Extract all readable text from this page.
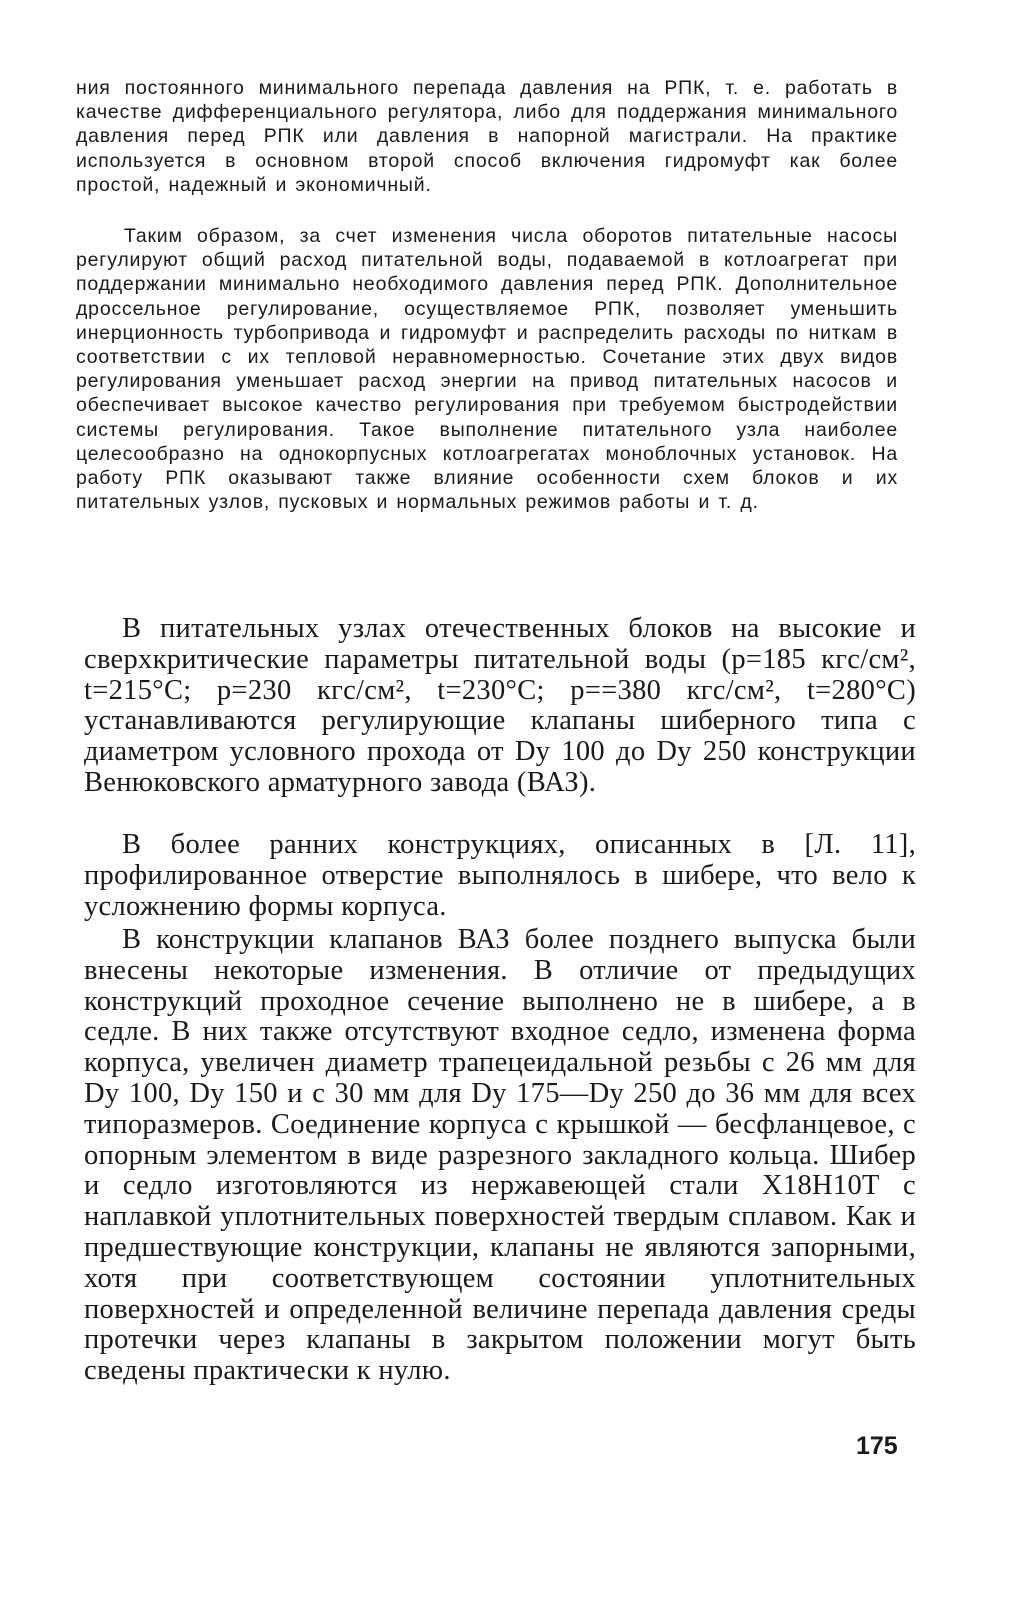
ния постоянного минимального перепада давления на РПК, т. е. работать в качестве дифференциального регулятора, либо для поддержания минимального давления перед РПК или давления в напорной магистрали. На практике используется в основном второй способ включения гидромуфт как более простой, надежный и экономичный.

Таким образом, за счет изменения числа оборотов питательные насосы регулируют общий расход питательной воды, подаваемой в котлоагрегат при поддержании минимально необходимого давления перед РПК. Дополнительное дроссельное регулирование, осуществляемое РПК, позволяет уменьшить инерционность турбопривода и гидромуфт и распределить расходы по ниткам в соответствии с их тепловой неравномерностью. Сочетание этих двух видов регулирования уменьшает расход энергии на привод питательных насосов и обеспечивает высокое качество регулирования при требуемом быстродействии системы регулирования. Такое выполнение питательного узла наиболее целесообразно на однокорпусных котлоагрегатах моноблочных установок. На работу РПК оказывают также влияние особенности схем блоков и их питательных узлов, пусковых и нормальных режимов работы и т. д.

В питательных узлах отечественных блоков на высокие и сверхкритические параметры питательной воды (p=185 кгс/см², t=215°С; p=230 кгс/см², t=230°С; p==380 кгс/см², t=280°С) устанавливаются регулирующие клапаны шиберного типа с диаметром условного прохода от Dу 100 до Dу 250 конструкции Венюковского арматурного завода (ВАЗ).

В более ранних конструкциях, описанных в [Л. 11], профилированное отверстие выполнялось в шибере, что вело к усложнению формы корпуса.

В конструкции клапанов ВАЗ более позднего выпуска были внесены некоторые изменения. В отличие от предыдущих конструкций проходное сечение выполнено не в шибере, а в седле. В них также отсутствуют входное седло, изменена форма корпуса, увеличен диаметр трапецеидальной резьбы с 26 мм для Dу 100, Dу 150 и с 30 мм для Dу 175—Dу 250 до 36 мм для всех типоразмеров. Соединение корпуса с крышкой — бесфланцевое, с опорным элементом в виде разрезного закладного кольца. Шибер и седло изготовляются из нержавеющей стали Х18Н10Т с наплавкой уплотнительных поверхностей твердым сплавом. Как и предшествующие конструкции, клапаны не являются запорными, хотя при соответствующем состоянии уплотнительных поверхностей и определенной величине перепада давления среды протечки через клапаны в закрытом положении могут быть сведены практически к нулю.

175
